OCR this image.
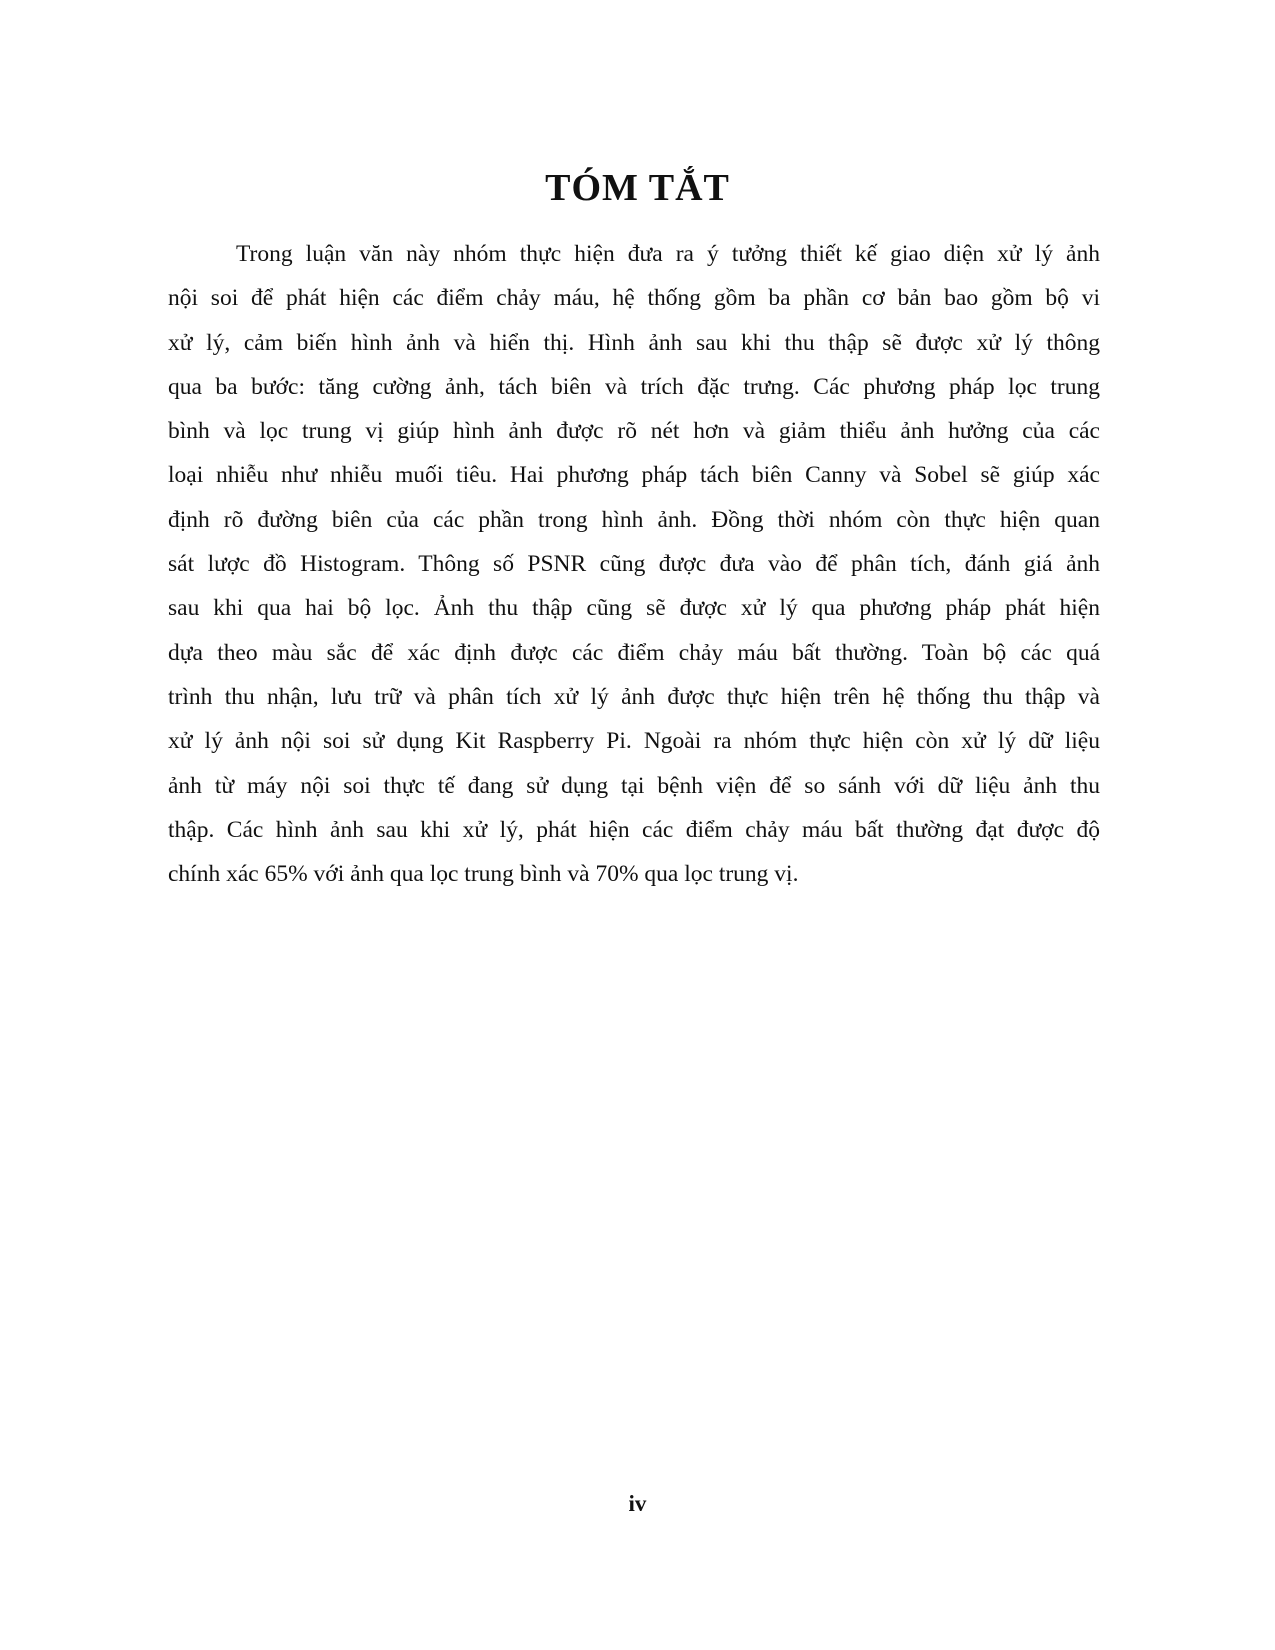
TÓM TẮT
Trong luận văn này nhóm thực hiện đưa ra ý tưởng thiết kế giao diện xử lý ảnh
nội soi để phát hiện các điểm chảy máu, hệ thống gồm ba phần cơ bản bao gồm bộ vi
xử lý, cảm biến hình ảnh và hiển thị. Hình ảnh sau khi thu thập sẽ được xử lý thông
qua ba bước: tăng cường ảnh, tách biên và trích đặc trưng. Các phương pháp lọc trung
bình và lọc trung vị giúp hình ảnh được rõ nét hơn và giảm thiểu ảnh hưởng của các
loại nhiễu như nhiễu muối tiêu. Hai phương pháp tách biên Canny và Sobel sẽ giúp xác
định rõ đường biên của các phần trong hình ảnh. Đồng thời nhóm còn thực hiện quan
sát lược đồ Histogram. Thông số PSNR cũng được đưa vào để phân tích, đánh giá ảnh
sau khi qua hai bộ lọc. Ảnh thu thập cũng sẽ được xử lý qua phương pháp phát hiện
dựa theo màu sắc để xác định được các điểm chảy máu bất thường. Toàn bộ các quá
trình thu nhận, lưu trữ và phân tích xử lý ảnh được thực hiện trên hệ thống thu thập và
xử lý ảnh nội soi sử dụng Kit Raspberry Pi. Ngoài ra nhóm thực hiện còn xử lý dữ liệu
ảnh từ máy nội soi thực tế đang sử dụng tại bệnh viện để so sánh với dữ liệu ảnh thu
thập. Các hình ảnh sau khi xử lý, phát hiện các điểm chảy máu bất thường đạt được độ
chính xác 65% với ảnh qua lọc trung bình và 70% qua lọc trung vị.
iv
